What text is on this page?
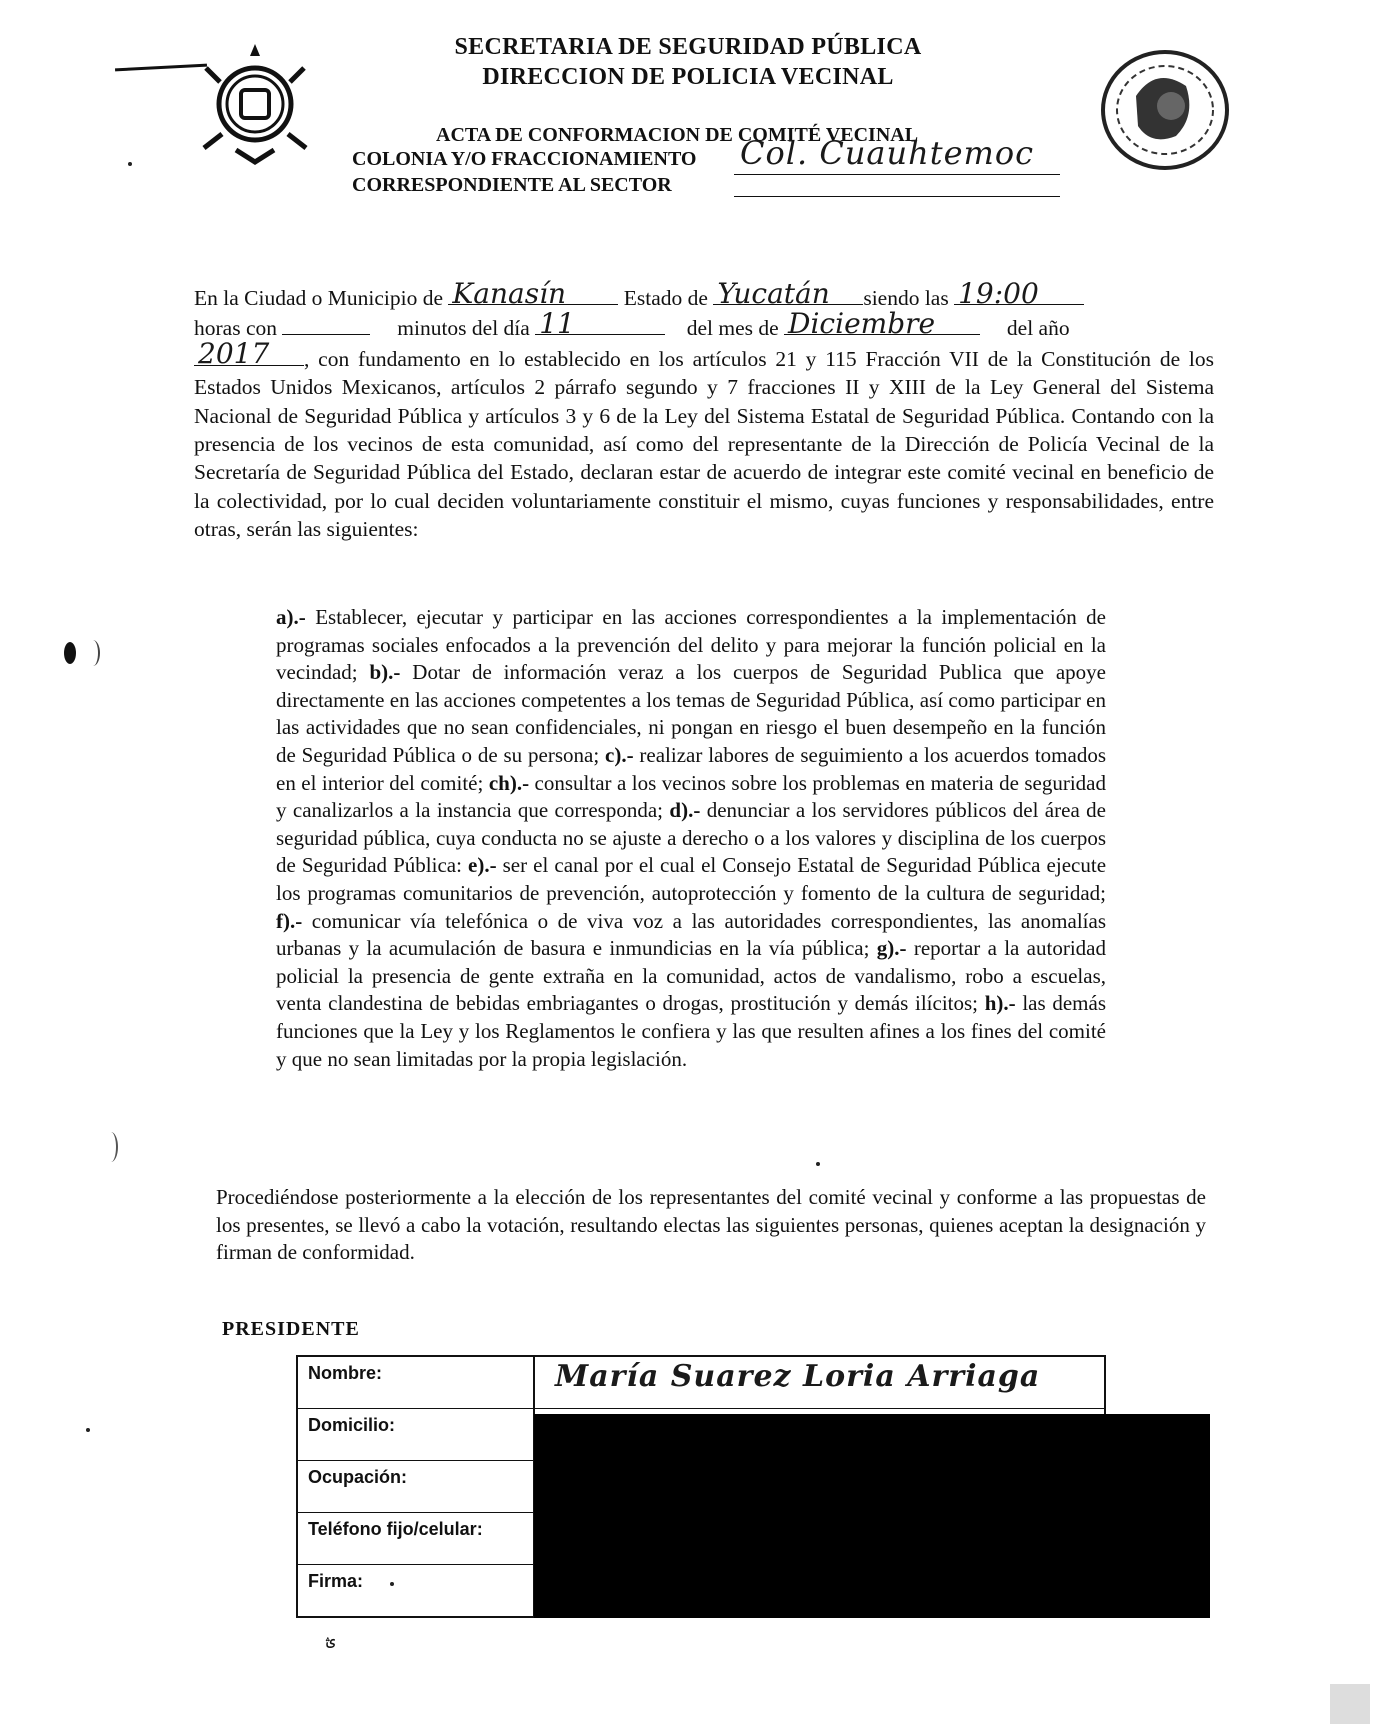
SECRETARIA DE SEGURIDAD PÚBLICA
DIRECCION DE POLICIA VECINAL
ACTA DE CONFORMACION DE COMITÉ VECINAL
COLONIA Y/O FRACCIONAMIENTO Col. Cuauhtemoc
CORRESPONDIENTE AL SECTOR
En la Ciudad o Municipio de Kanasín	Estado de Yucatán siendo las 19:00

horas con	minutos del día 11	del mes de Diciembre	del año

2017 , con fundamento en lo establecido en los artículos 21 y 115 Fracción VII de la Constitución de los Estados Unidos Mexicanos, artículos 2 párrafo segundo y 7 fracciones II y XIII de la Ley General del Sistema Nacional de Seguridad Pública y artículos 3 y 6 de la Ley del Sistema Estatal de Seguridad Pública. Contando con la presencia de los vecinos de esta comunidad, así como del representante de la Dirección de Policía Vecinal de la Secretaría de Seguridad Pública del Estado, declaran estar de acuerdo de integrar este comité vecinal en beneficio de la colectividad, por lo cual deciden voluntariamente constituir el mismo, cuyas funciones y responsabilidades, entre otras, serán las siguientes:
a).- Establecer, ejecutar y participar en las acciones correspondientes a la implementación de programas sociales enfocados a la prevención del delito y para mejorar la función policial en la vecindad; b).- Dotar de información veraz a los cuerpos de Seguridad Publica que apoye directamente en las acciones competentes a los temas de Seguridad Pública, así como participar en las actividades que no sean confidenciales, ni pongan en riesgo el buen desempeño en la función de Seguridad Pública o de su persona; c).- realizar labores de seguimiento a los acuerdos tomados en el interior del comité; ch).- consultar a los vecinos sobre los problemas en materia de seguridad y canalizarlos a la instancia que corresponda; d).- denunciar a los servidores públicos del área de seguridad pública, cuya conducta no se ajuste a derecho o a los valores y disciplina de los cuerpos de Seguridad Pública: e).- ser el canal por el cual el Consejo Estatal de Seguridad Pública ejecute los programas comunitarios de prevención, autoprotección y fomento de la cultura de seguridad; f).- comunicar vía telefónica o de viva voz a las autoridades correspondientes, las anomalías urbanas y la acumulación de basura e inmundicias en la vía pública; g).- reportar a la autoridad policial la presencia de gente extraña en la comunidad, actos de vandalismo, robo a escuelas, venta clandestina de bebidas embriagantes o drogas, prostitución y demás ilícitos; h).- las demás funciones que la Ley y los Reglamentos le confiera y las que resulten afines a los fines del comité y que no sean limitadas por la propia legislación.
Procediéndose posteriormente a la elección de los representantes del comité vecinal y conforme a las propuestas de los presentes, se llevó a cabo la votación, resultando electas las siguientes personas, quienes aceptan la designación y firman de conformidad.
PRESIDENTE
Nombre:	María Suarez Loria Arriaga

Domicilio:	
Ocupación:	
Teléfono fijo/celular:	
Firma:	
ؿ
